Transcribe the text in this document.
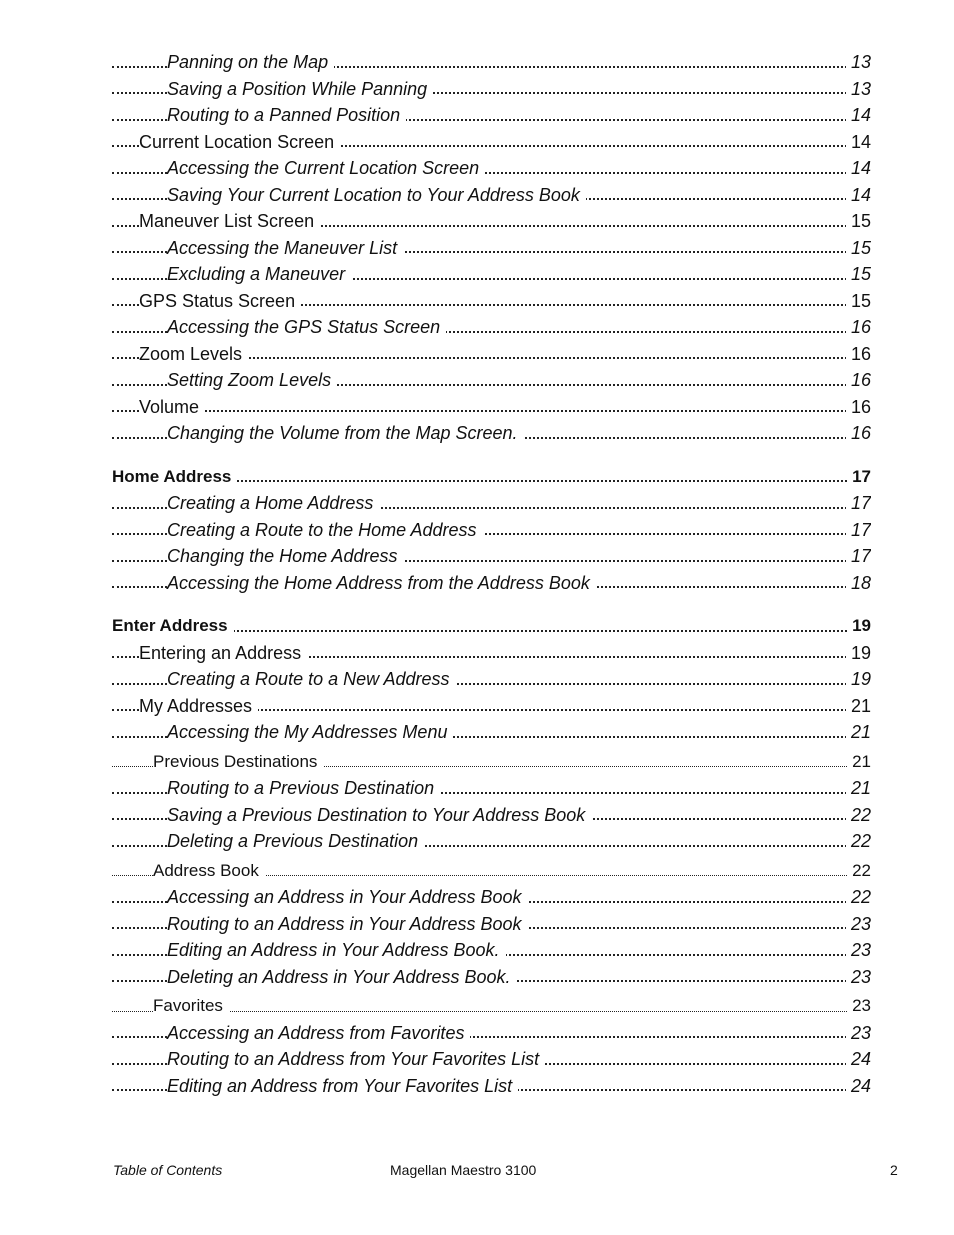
Panning on the Map	13
Saving a Position While Panning	13
Routing to a Panned Position	14
Current Location Screen	14
Accessing the Current Location Screen	14
Saving Your Current Location to Your Address Book	14
Maneuver List Screen	15
Accessing the Maneuver List	15
Excluding a Maneuver	15
GPS Status Screen	15
Accessing the GPS Status Screen	16
Zoom Levels	16
Setting Zoom Levels	16
Volume	16
Changing the Volume from the Map Screen.	16
Home Address	17
Creating a Home Address	17
Creating a Route to the Home Address	17
Changing the Home Address	17
Accessing the Home Address from the Address Book	18
Enter Address	19
Entering an Address	19
Creating a Route to a New Address	19
My Addresses	21
Accessing the My Addresses Menu	21
Previous Destinations	21
Routing to a Previous Destination	21
Saving a Previous Destination to Your Address Book	22
Deleting a Previous Destination	22
Address Book	22
Accessing an Address in Your Address Book	22
Routing to an Address in Your Address Book	23
Editing an Address in Your Address Book.	23
Deleting an Address in Your Address Book.	23
Favorites	23
Accessing an Address from Favorites	23
Routing to an Address from Your Favorites List	24
Editing an Address from Your Favorites List	24
Table of Contents	Magellan Maestro 3100	2
